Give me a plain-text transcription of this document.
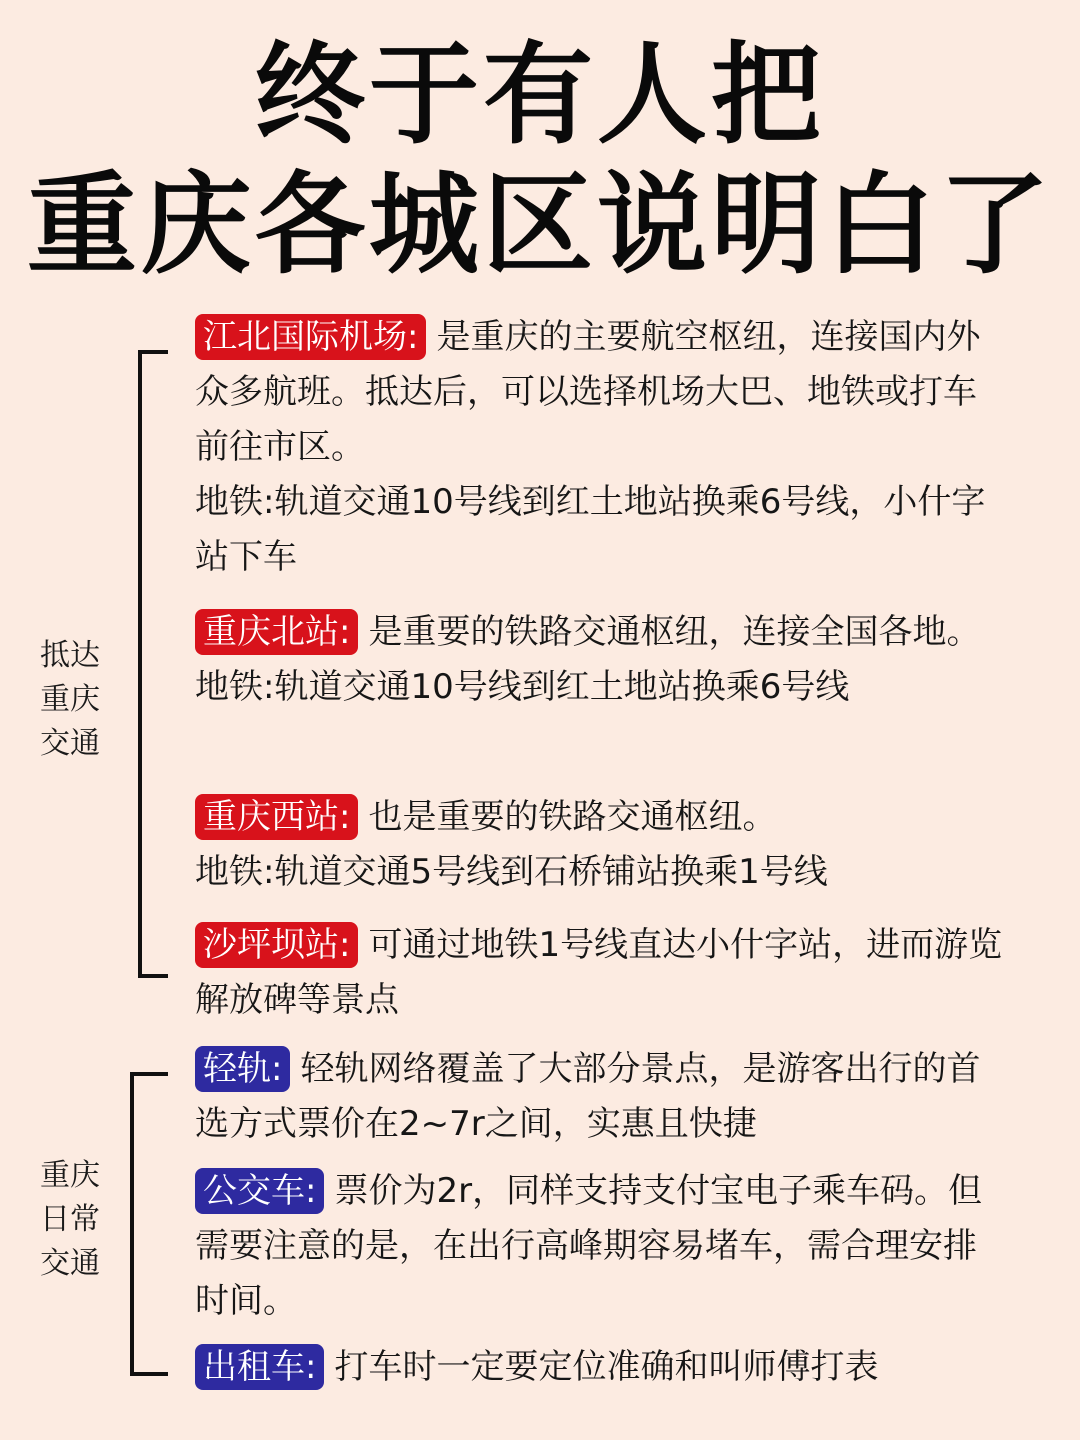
终于有人把
重庆各城区说明白了
抵达
重庆
交通

江北国际机场: 是重庆的主要航空枢纽，连接国内外众多航班。抵达后，可以选择机场大巴、地铁或打车前往市区。

地铁:轨道交通10号线到红土地站换乘6号线，小什字站下车

重庆北站: 是重要的铁路交通枢纽，连接全国各地。

地铁:轨道交通10号线到红土地站换乘6号线

重庆西站: 也是重要的铁路交通枢纽。

地铁:轨道交通5号线到石桥铺站换乘1号线

沙坪坝站: 可通过地铁1号线直达小什字站，进而游览解放碑等景点

重庆
日常
交通

轻轨: 轻轨网络覆盖了大部分景点，是游客出行的首选方式票价在2~7r之间，实惠且快捷

公交车: 票价为2r，同样支持支付宝电子乘车码。但需要注意的是，在出行高峰期容易堵车，需合理安排时间。

出租车: 打车时一定要定位准确和叫师傅打表
